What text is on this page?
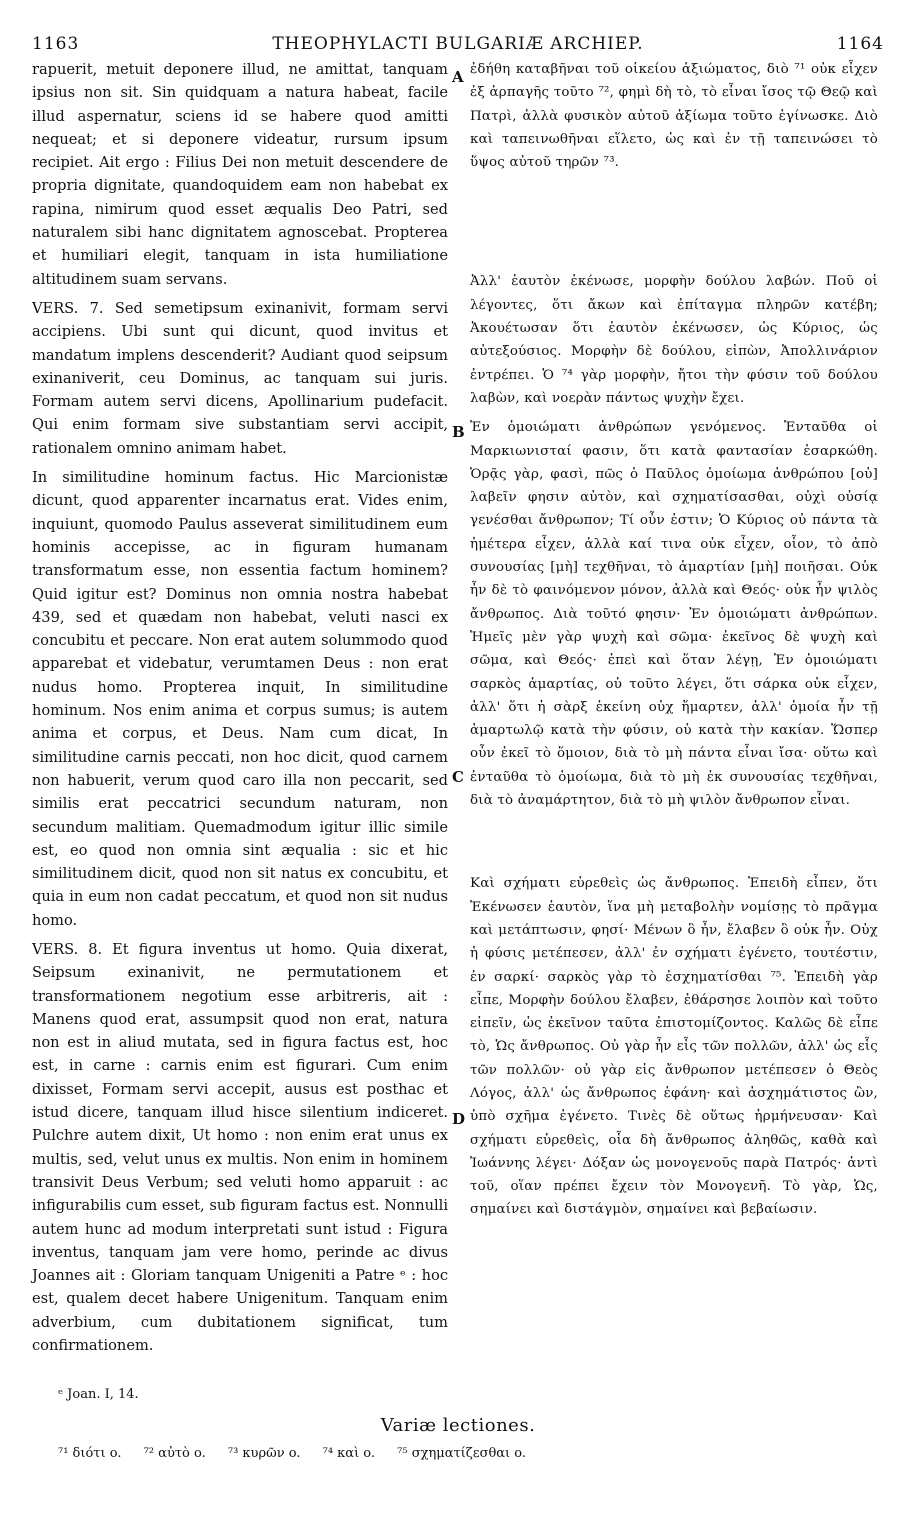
1163	THEOPHYLACTI BULGARIÆ ARCHIEP.	1164

rapuerit, metuit deponere illud, ne amittat, tanquam ipsius non sit. Sin quidquam a natura habeat, facile illud aspernatur, sciens id se habere quod amitti nequeat; et si deponere videatur, rursum ipsum recipiet. Ait ergo : Filius Dei non metuit descendere de propria dignitate, quandoquidem eam non habebat ex rapina, nimirum quod esset æqualis Deo Patri, sed naturalem sibi hanc dignitatem agnoscebat. Propterea et humiliari elegit, tanquam in ista humiliatione altitudinem suam servans.

VERS. 7. Sed semetipsum exinanivit, formam servi accipiens. Ubi sunt qui dicunt, quod invitus et mandatum implens descenderit? Audiant quod seipsum exinaniverit, ceu Dominus, ac tanquam sui juris. Formam autem servi dicens, Apollinarium pudefacit. Qui enim formam sive substantiam servi accipit, rationalem omnino animam habet.

In similitudine hominum factus. Hic Marcionistæ dicunt, quod apparenter incarnatus erat. Vides enim, inquiunt, quomodo Paulus asseverat similitudinem eum hominis accepisse, ac in figuram humanam transformatum esse, non essentia factum hominem? Quid igitur est? Dominus non omnia nostra habebat 439, sed et quædam non habebat, veluti nasci ex concubitu et peccare. Non erat autem solummodo quod apparebat et videbatur, verumtamen Deus : non erat nudus homo. Propterea inquit, In similitudine hominum. Nos enim anima et corpus sumus; is autem anima et corpus, et Deus. Nam cum dicat, In similitudine carnis peccati, non hoc dicit, quod carnem non habuerit, verum quod caro illa non peccarit, sed similis erat peccatrici secundum naturam, non secundum malitiam. Quemadmodum igitur illic simile est, eo quod non omnia sint æqualia : sic et hic similitudinem dicit, quod non sit natus ex concubitu, et quia in eum non cadat peccatum, et quod non sit nudus homo.

VERS. 8. Et figura inventus ut homo. Quia dixerat, Seipsum exinanivit, ne permutationem et transformationem negotium esse arbitreris, ait : Manens quod erat, assumpsit quod non erat, natura non est in aliud mutata, sed in figura factus est, hoc est, in carne : carnis enim est figurari. Cum enim dixisset, Formam servi accepit, ausus est posthac et istud dicere, tanquam illud hisce silentium indiceret. Pulchre autem dixit, Ut homo : non enim erat unus ex multis, sed, velut unus ex multis. Non enim in hominem transivit Deus Verbum; sed veluti homo apparuit : ac infigurabilis cum esset, sub figuram factus est. Nonnulli autem hunc ad modum interpretati sunt istud : Figura inventus, tanquam jam vere homo, perinde ac divus Joannes ait : Gloriam tanquam Unigeniti a Patre ᵉ : hoc est, qualem decet habere Unigenitum. Tanquam enim adverbium, cum dubitationem significat, tum confirmationem.

ἐδήθη καταβῆναι τοῦ οἰκείου ἀξιώματος, διὸ ⁷¹ οὐκ εἶχεν ἐξ ἁρπαγῆς τοῦτο ⁷², φημὶ δὴ τὸ, τὸ εἶναι ἴσος τῷ Θεῷ καὶ Πατρὶ, ἀλλὰ φυσικὸν αὐτοῦ ἀξίωμα τοῦτο ἐγίνωσκε. Διὸ καὶ ταπεινωθῆναι εἵλετο, ὡς καὶ ἐν τῇ ταπεινώσει τὸ ὕψος αὐτοῦ τηρῶν ⁷³.

Ἀλλ' ἑαυτὸν ἐκένωσε, μορφὴν δούλου λαβών. Ποῦ οἱ λέγοντες, ὅτι ἄκων καὶ ἐπίταγμα πληρῶν κατέβη; Ἀκουέτωσαν ὅτι ἑαυτὸν ἐκένωσεν, ὡς Κύριος, ὡς αὐτεξούσιος. Μορφὴν δὲ δούλου, εἰπὼν, Ἀπολλινάριον ἐντρέπει. Ὁ ⁷⁴ γὰρ μορφὴν, ἤτοι τὴν φύσιν τοῦ δούλου λαβὼν, καὶ νοερὰν πάντως ψυχὴν ἔχει.

Ἐν ὁμοιώματι ἀνθρώπων γενόμενος. Ἐνταῦθα οἱ Μαρκιωνισταί φασιν, ὅτι κατὰ φαντασίαν ἐσαρκώθη. Ὁρᾷς γὰρ, φασὶ, πῶς ὁ Παῦλος ὁμοίωμα ἀνθρώπου [οὐ] λαβεῖν φησιν αὐτὸν, καὶ σχηματίσασθαι, οὐχὶ οὐσίᾳ γενέσθαι ἄνθρωπον; Τί οὖν ἐστιν; Ὁ Κύριος οὐ πάντα τὰ ἡμέτερα εἶχεν, ἀλλὰ καί τινα οὐκ εἶχεν, οἷον, τὸ ἀπὸ συνουσίας [μὴ] τεχθῆναι, τὸ ἁμαρτίαν [μὴ] ποιῆσαι. Οὐκ ἦν δὲ τὸ φαινόμενον μόνον, ἀλλὰ καὶ Θεός· οὐκ ἦν ψιλὸς ἄνθρωπος. Διὰ τοῦτό φησιν· Ἐν ὁμοιώματι ἀνθρώπων. Ἡμεῖς μὲν γὰρ ψυχὴ καὶ σῶμα· ἐκεῖνος δὲ ψυχὴ καὶ σῶμα, καὶ Θεός· ἐπεὶ καὶ ὅταν λέγῃ, Ἐν ὁμοιώματι σαρκὸς ἁμαρτίας, οὐ τοῦτο λέγει, ὅτι σάρκα οὐκ εἶχεν, ἀλλ' ὅτι ἡ σὰρξ ἐκείνη οὐχ ἥμαρτεν, ἀλλ' ὁμοία ἦν τῇ ἁμαρτωλῷ κατὰ τὴν φύσιν, οὐ κατὰ τὴν κακίαν. Ὥσπερ οὖν ἐκεῖ τὸ ὅμοιον, διὰ τὸ μὴ πάντα εἶναι ἴσα· οὕτω καὶ ἐνταῦθα τὸ ὁμοίωμα, διὰ τὸ μὴ ἐκ συνουσίας τεχθῆναι, διὰ τὸ ἀναμάρτητον, διὰ τὸ μὴ ψιλὸν ἄνθρωπον εἶναι.

Καὶ σχήματι εὑρεθεὶς ὡς ἄνθρωπος. Ἐπειδὴ εἶπεν, ὅτι Ἐκένωσεν ἑαυτὸν, ἵνα μὴ μεταβολὴν νομίσῃς τὸ πρᾶγμα καὶ μετάπτωσιν, φησί· Μένων ὃ ἦν, ἔλαβεν ὃ οὐκ ἦν. Οὐχ ἡ φύσις μετέπεσεν, ἀλλ' ἐν σχήματι ἐγένετο, τουτέστιν, ἐν σαρκί· σαρκὸς γὰρ τὸ ἐσχηματίσθαι ⁷⁵. Ἐπειδὴ γὰρ εἶπε, Μορφὴν δούλου ἔλαβεν, ἐθάρσησε λοιπὸν καὶ τοῦτο εἰπεῖν, ὡς ἐκεῖνον ταῦτα ἐπιστομίζοντος. Καλῶς δὲ εἶπε τὸ, Ὡς ἄνθρωπος. Οὐ γὰρ ἦν εἷς τῶν πολλῶν, ἀλλ' ὡς εἷς τῶν πολλῶν· οὐ γὰρ εἰς ἄνθρωπον μετέπεσεν ὁ Θεὸς Λόγος, ἀλλ' ὡς ἄνθρωπος ἐφάνη· καὶ ἀσχημάτιστος ὢν, ὑπὸ σχῆμα ἐγένετο. Τινὲς δὲ οὕτως ἡρμήνευσαν· Καὶ σχήματι εὑρεθεὶς, οἷα δὴ ἄνθρωπος ἀληθῶς, καθὰ καὶ Ἰωάννης λέγει· Δόξαν ὡς μονογενοῦς παρὰ Πατρός· ἀντὶ τοῦ, οἵαν πρέπει ἔχειν τὸν Μονογενῆ. Τὸ γὰρ, Ὡς, σημαίνει καὶ διστάγμὸν, σημαίνει καὶ βεβαίωσιν.

A
B
C
D
ᵉ Joan. I, 14.
Variæ lectiones.
⁷¹ διότι o. ⁷² αὐτὸ o. ⁷³ κυρῶν o. ⁷⁴ καὶ o. ⁷⁵ σχηματίζεσθαι o.
